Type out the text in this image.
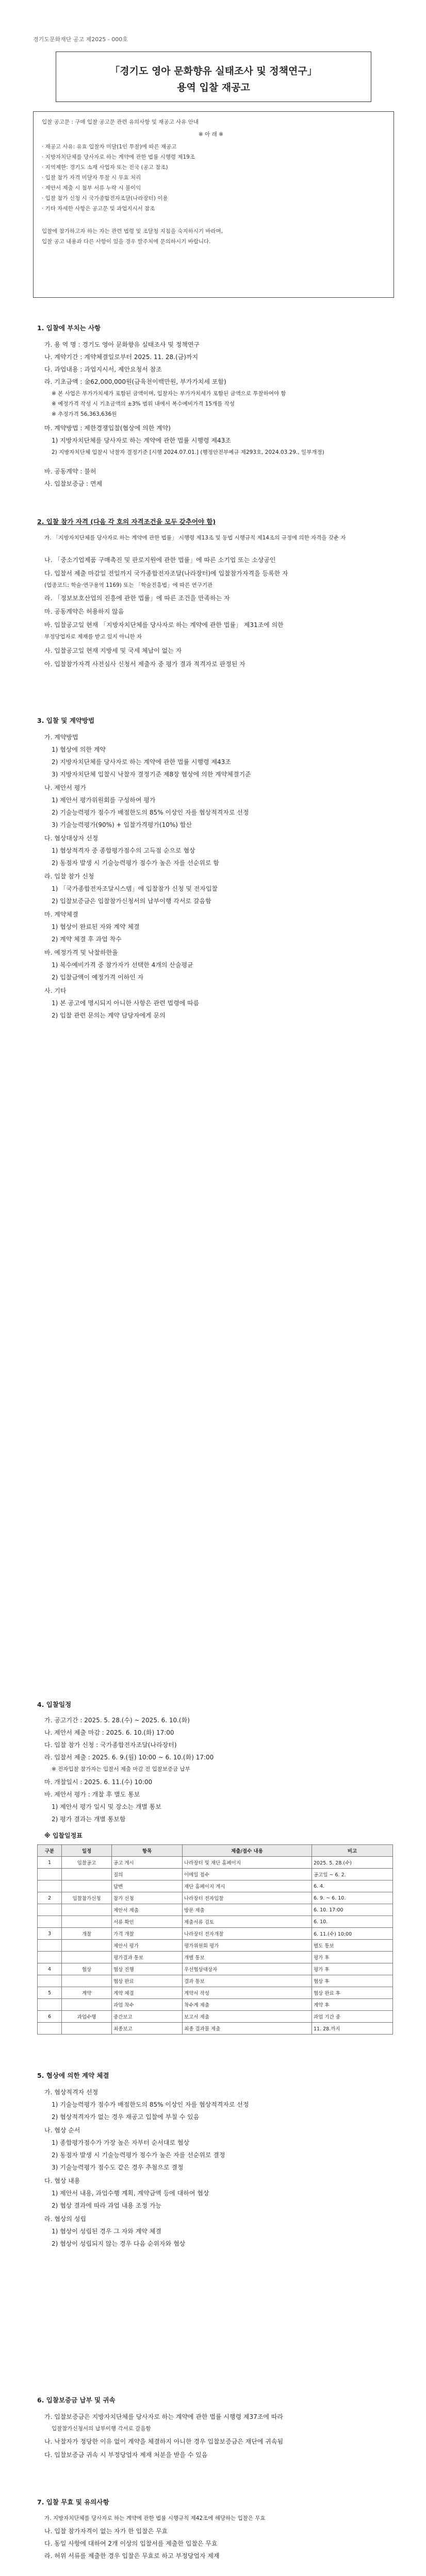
경기도문화재단 공고 제2025 - 000호
「경기도 영아 문화향유 실태조사 및 정책연구」
용역 입찰 재공고
입찰 공고문 : 구매 입찰 공고문 관련 유의사항 및 재공고 사유 안내
※ 아 래 ※
· 재공고 사유: 유효 입찰자 미달(1인 투찰)에 따른 재공고
· 지방자치단체를 당사자로 하는 계약에 관한 법률 시행령 제19조
· 지역제한: 경기도 소재 사업자 또는 전국 (공고 참조)
· 입찰 참가 자격 미달자 투찰 시 무효 처리
· 제안서 제출 시 첨부 서류 누락 시 불이익
· 입찰 참가 신청 시 국가종합전자조달(나라장터) 이용
· 기타 자세한 사항은 공고문 및 과업지시서 참조
입찰에 참가하고자 하는 자는 관련 법령 및 조달청 지침을 숙지하시기 바라며,
입찰 공고 내용과 다른 사항이 있을 경우 발주처에 문의하시기 바랍니다.
1. 입찰에 부치는 사항
가. 용 역 명 : 경기도 영아 문화향유 실태조사 및 정책연구
나. 계약기간 : 계약체결일로부터 2025. 11. 28.(금)까지
다. 과업내용 : 과업지시서, 제안요청서 참조
라. 기초금액 : 金62,000,000원(금육천이백만원, 부가가치세 포함)
※ 본 사업은 부가가치세가 포함된 금액이며, 입찰자는 부가가치세가 포함된 금액으로 투찰하여야 함
※ 예정가격 작성 시 기초금액의 ±3% 범위 내에서 복수예비가격 15개를 작성
※ 추정가격 56,363,636원
마. 계약방법 : 제한경쟁입찰(협상에 의한 계약)
1) 지방자치단체를 당사자로 하는 계약에 관한 법률 시행령 제43조
2) 지방자치단체 입찰시 낙찰자 결정기준 [시행 2024.07.01.] (행정안전부예규 제293호, 2024.03.29., 일부개정)
바. 공동계약 : 불허
사. 입찰보증금 : 면제
2. 입찰 참가 자격 (다음 각 호의 자격조건을 모두 갖추어야 함)
가. 「지방자치단체를 당사자로 하는 계약에 관한 법률」 시행령 제13조 및 동법 시행규칙 제14조의 규정에 의한 자격을 갖춘 자
나. 「중소기업제품 구매촉진 및 판로지원에 관한 법률」에 따른 소기업 또는 소상공인
다. 입찰서 제출 마감일 전일까지 국가종합전자조달(나라장터)에 입찰참가자격을 등록한 자
(업종코드: 학술·연구용역 1169) 또는 「학술진흥법」에 따른 연구기관
라. 「정보보호산업의 진흥에 관한 법률」에 따른 조건을 만족하는 자
마. 공동계약은 허용하지 않음
바. 입찰공고일 현재 「지방자치단체를 당사자로 하는 계약에 관한 법률」 제31조에 의한
부정당업자로 제재를 받고 있지 아니한 자
사. 입찰공고일 현재 지방세 및 국세 체납이 없는 자
아. 입찰참가자격 사전심사 신청서 제출자 중 평가 결과 적격자로 판정된 자
3. 입찰 및 계약방법
가. 계약방법
1) 협상에 의한 계약
2) 지방자치단체를 당사자로 하는 계약에 관한 법률 시행령 제43조
3) 지방자치단체 입찰시 낙찰자 결정기준 제8장 협상에 의한 계약체결기준
나. 제안서 평가
1) 제안서 평가위원회를 구성하여 평가
2) 기술능력평가 점수가 배점한도의 85% 이상인 자를 협상적격자로 선정
3) 기술능력평가(90%) + 입찰가격평가(10%) 합산
다. 협상대상자 선정
1) 협상적격자 중 종합평가점수의 고득점 순으로 협상
2) 동점자 발생 시 기술능력평가 점수가 높은 자를 선순위로 함
라. 입찰 참가 신청
1) 「국가종합전자조달시스템」에 입찰참가 신청 및 전자입찰
2) 입찰보증금은 입찰참가신청서의 납부이행 각서로 갈음함
마. 계약체결
1) 협상이 완료된 자와 계약 체결
2) 계약 체결 후 과업 착수
바. 예정가격 및 낙찰하한율
1) 복수예비가격 중 참가자가 선택한 4개의 산술평균
2) 입찰금액이 예정가격 이하인 자
사. 기타
1) 본 공고에 명시되지 아니한 사항은 관련 법령에 따름
2) 입찰 관련 문의는 계약 담당자에게 문의
4. 입찰일정
가. 공고기간 : 2025. 5. 28.(수) ~ 2025. 6. 10.(화)
나. 제안서 제출 마감 : 2025. 6. 10.(화) 17:00
다. 입찰 참가 신청 : 국가종합전자조달(나라장터)
라. 입찰서 제출 : 2025. 6. 9.(월) 10:00 ~ 6. 10.(화) 17:00
※ 전자입찰 참가자는 입찰서 제출 마감 전 입찰보증금 납부
마. 개찰일시 : 2025. 6. 11.(수) 10:00
바. 제안서 평가 : 개찰 후 별도 통보
1) 제안서 평가 일시 및 장소는 개별 통보
2) 평가 결과는 개별 통보함
※ 입찰일정표
구분	일정	항목	제출/접수 내용	비고
1	입찰공고	공고 게시	나라장터 및 재단 홈페이지	2025. 5. 28.(수)
		질의	이메일 접수	공고일 ~ 6. 2.
		답변	재단 홈페이지 게시	6. 4.
2	입찰참가신청	참가 신청	나라장터 전자입찰	6. 9. ~ 6. 10.
		제안서 제출	방문 제출	6. 10. 17:00
		서류 확인	제출서류 검토	6. 10.
3	개찰	가격 개찰	나라장터 전자개찰	6. 11.(수) 10:00
		제안서 평가	평가위원회 평가	별도 통보
		평가결과 통보	개별 통보	평가 후
4	협상	협상 진행	우선협상대상자	평가 후
		협상 완료	결과 통보	협상 후
5	계약	계약 체결	계약서 작성	협상 완료 후
		과업 착수	착수계 제출	계약 후
6	과업수행	중간보고	보고서 제출	과업 기간 중
		최종보고	최종 결과물 제출	11. 28.까지
5. 협상에 의한 계약 체결
가. 협상적격자 선정
1) 기술능력평가 점수가 배점한도의 85% 이상인 자를 협상적격자로 선정
2) 협상적격자가 없는 경우 재공고 입찰에 부칠 수 있음
나. 협상 순서
1) 종합평가점수가 가장 높은 자부터 순서대로 협상
2) 동점자 발생 시 기술능력평가 점수가 높은 자를 선순위로 결정
3) 기술능력평가 점수도 같은 경우 추첨으로 결정
다. 협상 내용
1) 제안서 내용, 과업수행 계획, 계약금액 등에 대하여 협상
2) 협상 결과에 따라 과업 내용 조정 가능
라. 협상의 성립
1) 협상이 성립된 경우 그 자와 계약 체결
2) 협상이 성립되지 않는 경우 다음 순위자와 협상
6. 입찰보증금 납부 및 귀속
가. 입찰보증금은 지방자치단체를 당사자로 하는 계약에 관한 법률 시행령 제37조에 따라
입찰참가신청서의 납부이행 각서로 갈음함
나. 낙찰자가 정당한 이유 없이 계약을 체결하지 아니한 경우 입찰보증금은 재단에 귀속됨
다. 입찰보증금 귀속 시 부정당업자 제재 처분을 받을 수 있음
7. 입찰 무효 및 유의사항
가. 지방자치단체를 당사자로 하는 계약에 관한 법률 시행규칙 제42조에 해당하는 입찰은 무효
나. 입찰 참가자격이 없는 자가 한 입찰은 무효
다. 동일 사항에 대하여 2개 이상의 입찰서를 제출한 입찰은 무효
라. 허위 서류를 제출한 경우 입찰은 무효로 하고 부정당업자 제재
